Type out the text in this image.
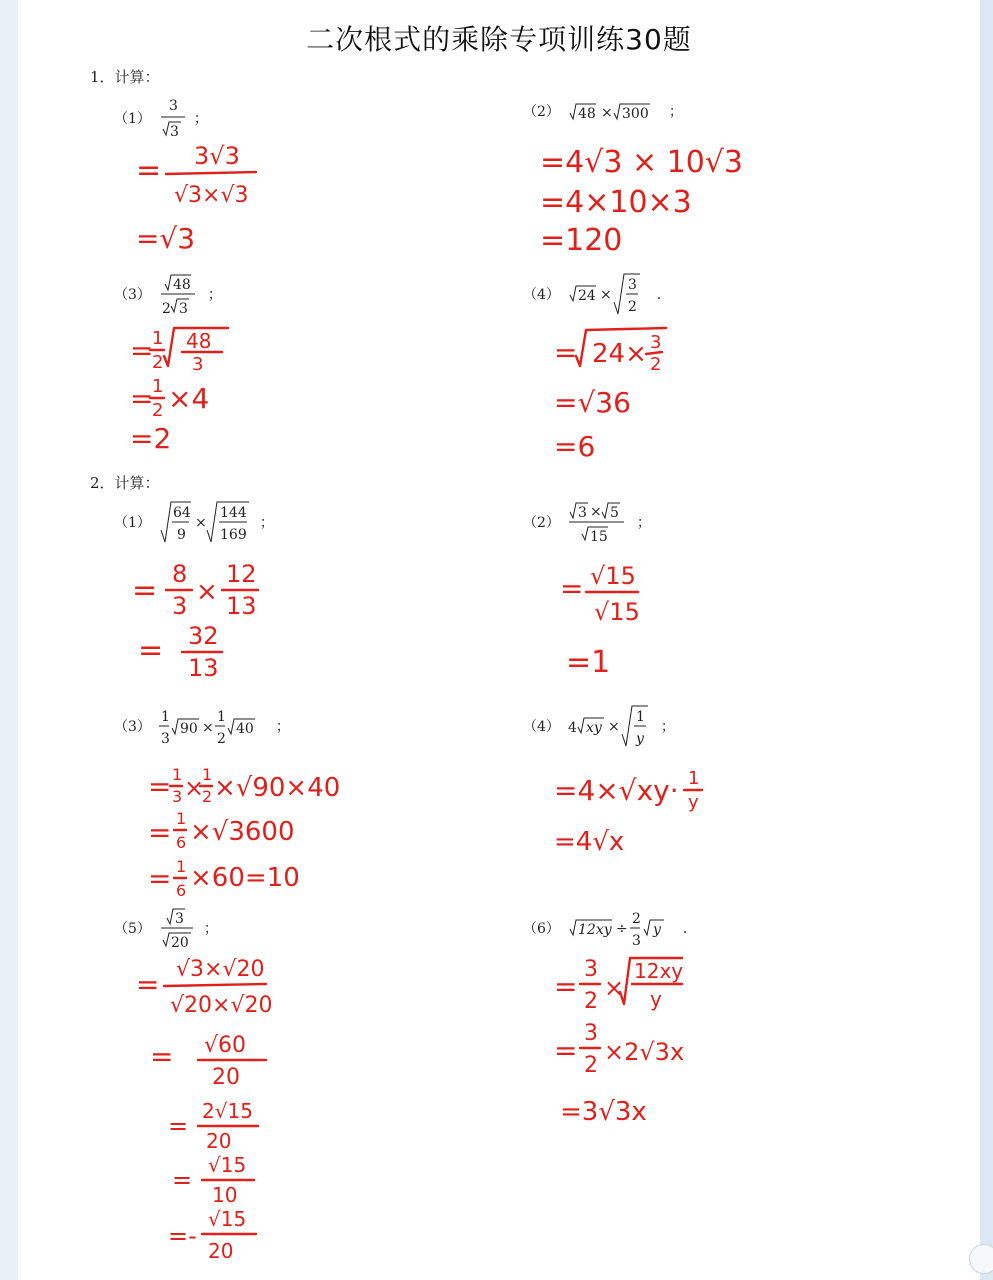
二次根式的乘除专项训练30题
1．计算：
（1）
3
3
；	（2） 48 × 300 ；
（3）
48
2 3
；	（4） 24 ×
3
2
．
2．计算：
（1）
64
9
×
144
169
；	（2）
3 × 5
15
；
（3）
1
3
90 ×
1
2
40 ；	（4） 4 xy ×
1
y
；
（5）
3
20
；	（6） 12xy ÷
2
3
y ．
= 3√3
√3×√3
=√3
=4√3 × 10√3
=4×10×3
=120
=
1
2
48
3
=
1
2 ×4
=2
= 24× 3
2
=√36
=6
= 8
3 ×
12
13
= 32
13
= √15
√15
=1
= 1
3 ×
1
2 ×√90×40
= 1
6 ×√3600
= 1
6 ×60=10
=4×√xy· 1
y
=4√x
= √3×√20
√20×√20
= √60
20
=
2√15
20
=
√15
10
=-
√15
20
=
3
2 ×
12xy
y
=
3
2 ×2√3x
=3√3x
